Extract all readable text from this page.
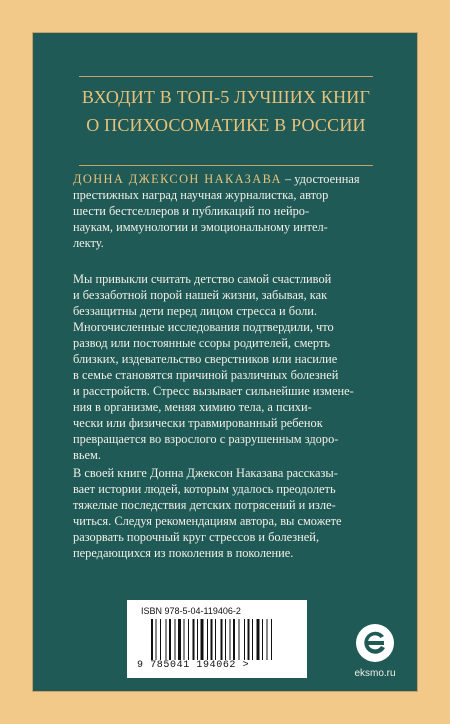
ВХОДИТ В ТОП-5 ЛУЧШИХ КНИГ
О ПСИХОСОМАТИКЕ В РОССИИ
ДОННА ДЖЕКСОН НАКАЗАВА – удостоенная
престижных наград научная журналистка, автор
шести бестселлеров и публикаций по нейро-
наукам, иммунологии и эмоциональному интел-
лекту.
Мы привыкли считать детство самой счастливой
и беззаботной порой нашей жизни, забывая, как
беззащитны дети перед лицом стресса и боли.
Многочисленные исследования подтвердили, что
развод или постоянные ссоры родителей, смерть
близких, издевательство сверстников или насилие
в семье становятся причиной различных болезней
и расстройств. Стресс вызывает сильнейшие измене-
ния в организме, меняя химию тела, а психи-
чески или физически травмированный ребенок
превращается во взрослого с разрушенным здоро-
вьем.
В своей книге Донна Джексон Наказава рассказы-
вает истории людей, которым удалось преодолеть
тяжелые последствия детских потрясений и изле-
читься. Следуя рекомендациям автора, вы сможете
разорвать порочный круг стрессов и болезней,
передающихся из поколения в поколение.
ISBN 978-5-04-119406-2
9 785041 194062 >
eksmo.ru
